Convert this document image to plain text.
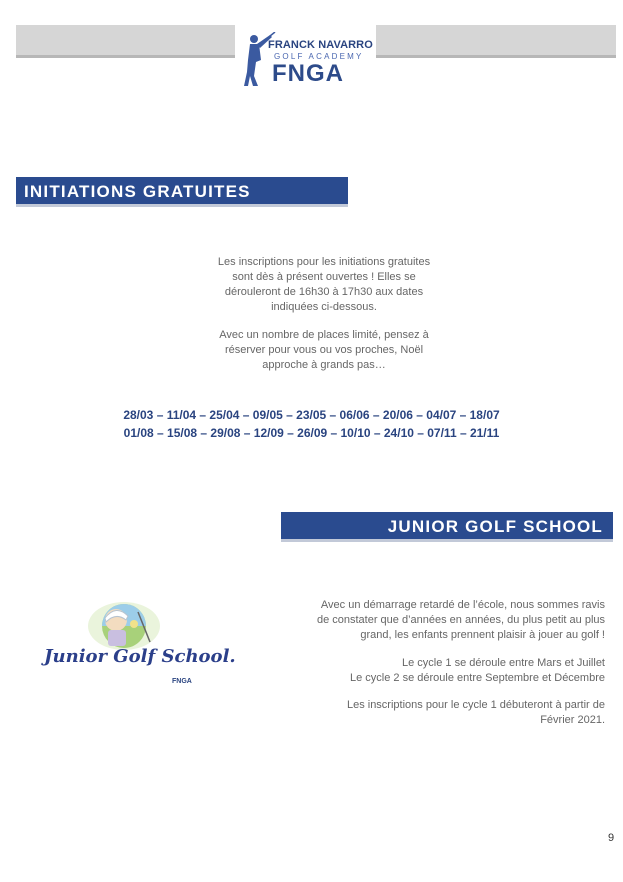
FRANCK NAVARRO
GOLF ACADEMY
FNGA
INITIATIONS GRATUITES
Les inscriptions pour les initiations gratuites
sont dès à présent ouvertes ! Elles se
dérouleront de 16h30 à 17h30 aux dates
indiquées ci-dessous.
Avec un nombre de places limité, pensez à
réserver pour vous ou vos proches, Noël
approche à grands pas…
28/03 – 11/04 – 25/04 – 09/05 – 23/05 – 06/06 – 20/06 – 04/07 – 18/07
01/08 – 15/08 – 29/08 – 12/09 – 26/09 – 10/10 – 24/10 – 07/11 – 21/11
JUNIOR GOLF SCHOOL
Junior Golf School.
FNGA
Avec un démarrage retardé de l’école, nous sommes ravis
de constater que d’années en années, du plus petit au plus
grand, les enfants prennent plaisir à jouer au golf !
Le cycle 1 se déroule entre Mars et Juillet
Le cycle 2 se déroule entre Septembre et Décembre
Les inscriptions pour le cycle 1 débuteront à partir de
Février 2021.
9
